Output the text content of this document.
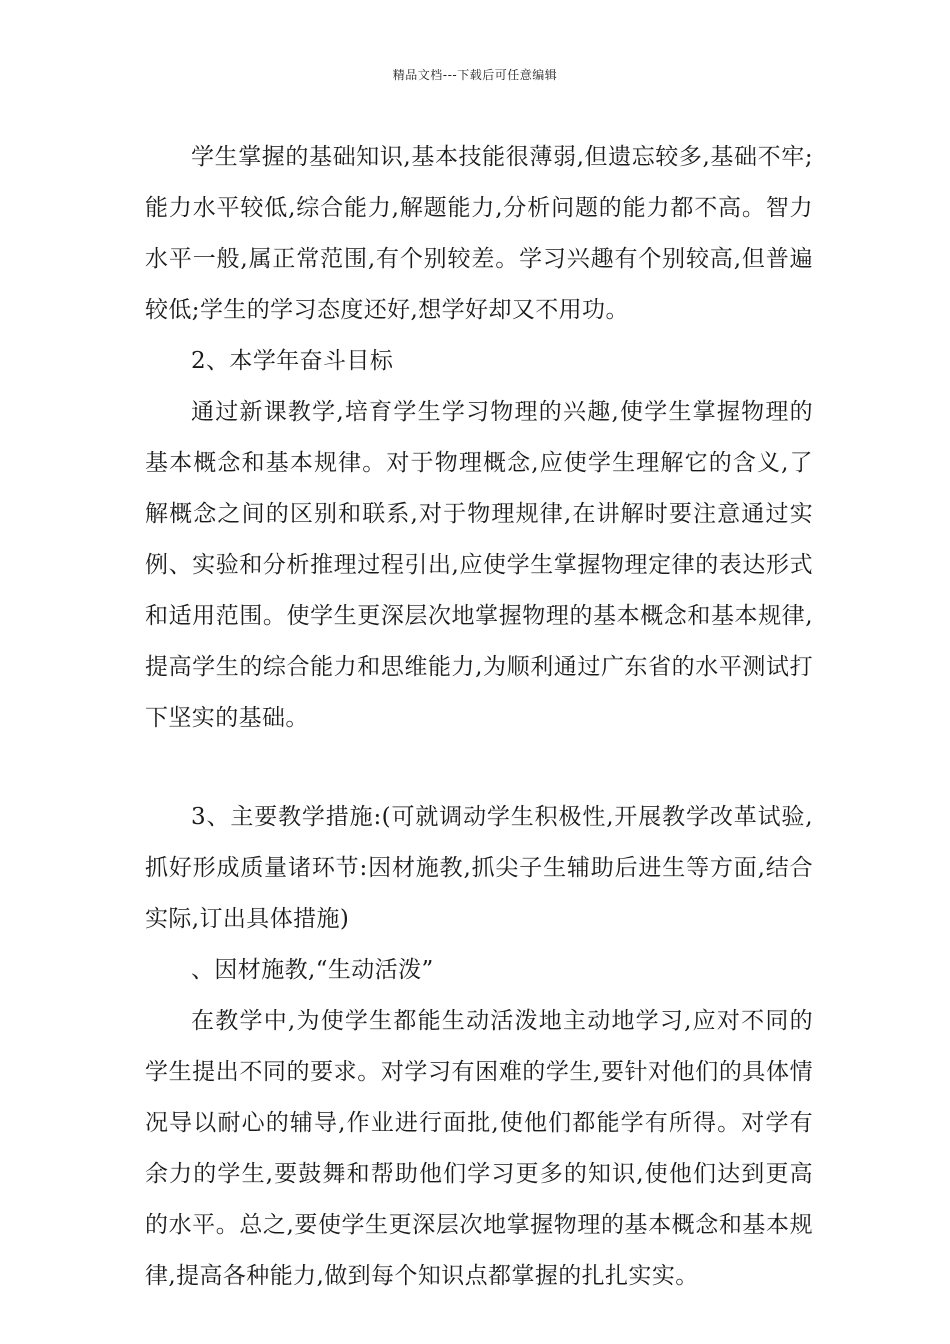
精品文档---下载后可任意编辑

学生掌握的基础知识,基本技能很薄弱,但遗忘较多,基础不牢;能力水平较低,综合能力,解题能力,分析问题的能力都不高。智力水平一般,属正常范围,有个别较差。学习兴趣有个别较高,但普遍较低;学生的学习态度还好,想学好却又不用功。

2、本学年奋斗目标

通过新课教学,培育学生学习物理的兴趣,使学生掌握物理的基本概念和基本规律。对于物理概念,应使学生理解它的含义,了解概念之间的区别和联系,对于物理规律,在讲解时要注意通过实例、实验和分析推理过程引出,应使学生掌握物理定律的表达形式和适用范围。使学生更深层次地掌握物理的基本概念和基本规律,提高学生的综合能力和思维能力,为顺利通过广东省的水平测试打下坚实的基础。

3、主要教学措施:(可就调动学生积极性,开展教学改革试验,抓好形成质量诸环节:因材施教,抓尖子生辅助后进生等方面,结合实际,订出具体措施)

、因材施教,“生动活泼”

在教学中,为使学生都能生动活泼地主动地学习,应对不同的学生提出不同的要求。对学习有困难的学生,要针对他们的具体情况导以耐心的辅导,作业进行面批,使他们都能学有所得。对学有余力的学生,要鼓舞和帮助他们学习更多的知识,使他们达到更高的水平。总之,要使学生更深层次地掌握物理的基本概念和基本规律,提高各种能力,做到每个知识点都掌握的扎扎实实。
